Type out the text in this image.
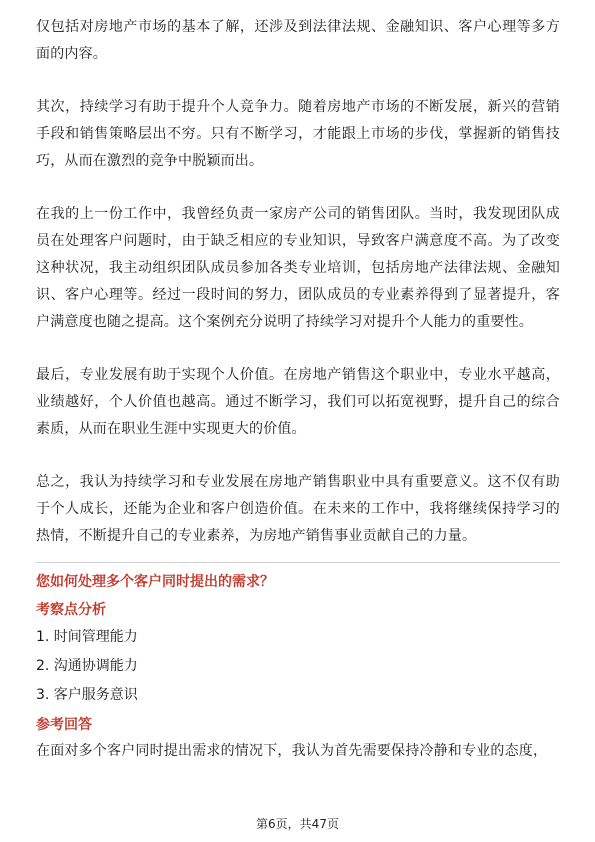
仅包括对房地产市场的基本了解，还涉及到法律法规、金融知识、客户心理等多方面的内容。

其次，持续学习有助于提升个人竞争力。随着房地产市场的不断发展，新兴的营销手段和销售策略层出不穷。只有不断学习，才能跟上市场的步伐，掌握新的销售技巧，从而在激烈的竞争中脱颖而出。

在我的上一份工作中，我曾经负责一家房产公司的销售团队。当时，我发现团队成员在处理客户问题时，由于缺乏相应的专业知识，导致客户满意度不高。为了改变这种状况，我主动组织团队成员参加各类专业培训，包括房地产法律法规、金融知识、客户心理等。经过一段时间的努力，团队成员的专业素养得到了显著提升，客户满意度也随之提高。这个案例充分说明了持续学习对提升个人能力的重要性。

最后，专业发展有助于实现个人价值。在房地产销售这个职业中，专业水平越高，业绩越好，个人价值也越高。通过不断学习，我们可以拓宽视野，提升自己的综合素质，从而在职业生涯中实现更大的价值。

总之，我认为持续学习和专业发展在房地产销售职业中具有重要意义。这不仅有助于个人成长，还能为企业和客户创造价值。在未来的工作中，我将继续保持学习的热情，不断提升自己的专业素养，为房地产销售事业贡献自己的力量。

您如何处理多个客户同时提出的需求？

考察点分析

1. 时间管理能力

2. 沟通协调能力

3. 客户服务意识

参考回答

在面对多个客户同时提出需求的情况下，我认为首先需要保持冷静和专业的态度，

第6页，共47页
